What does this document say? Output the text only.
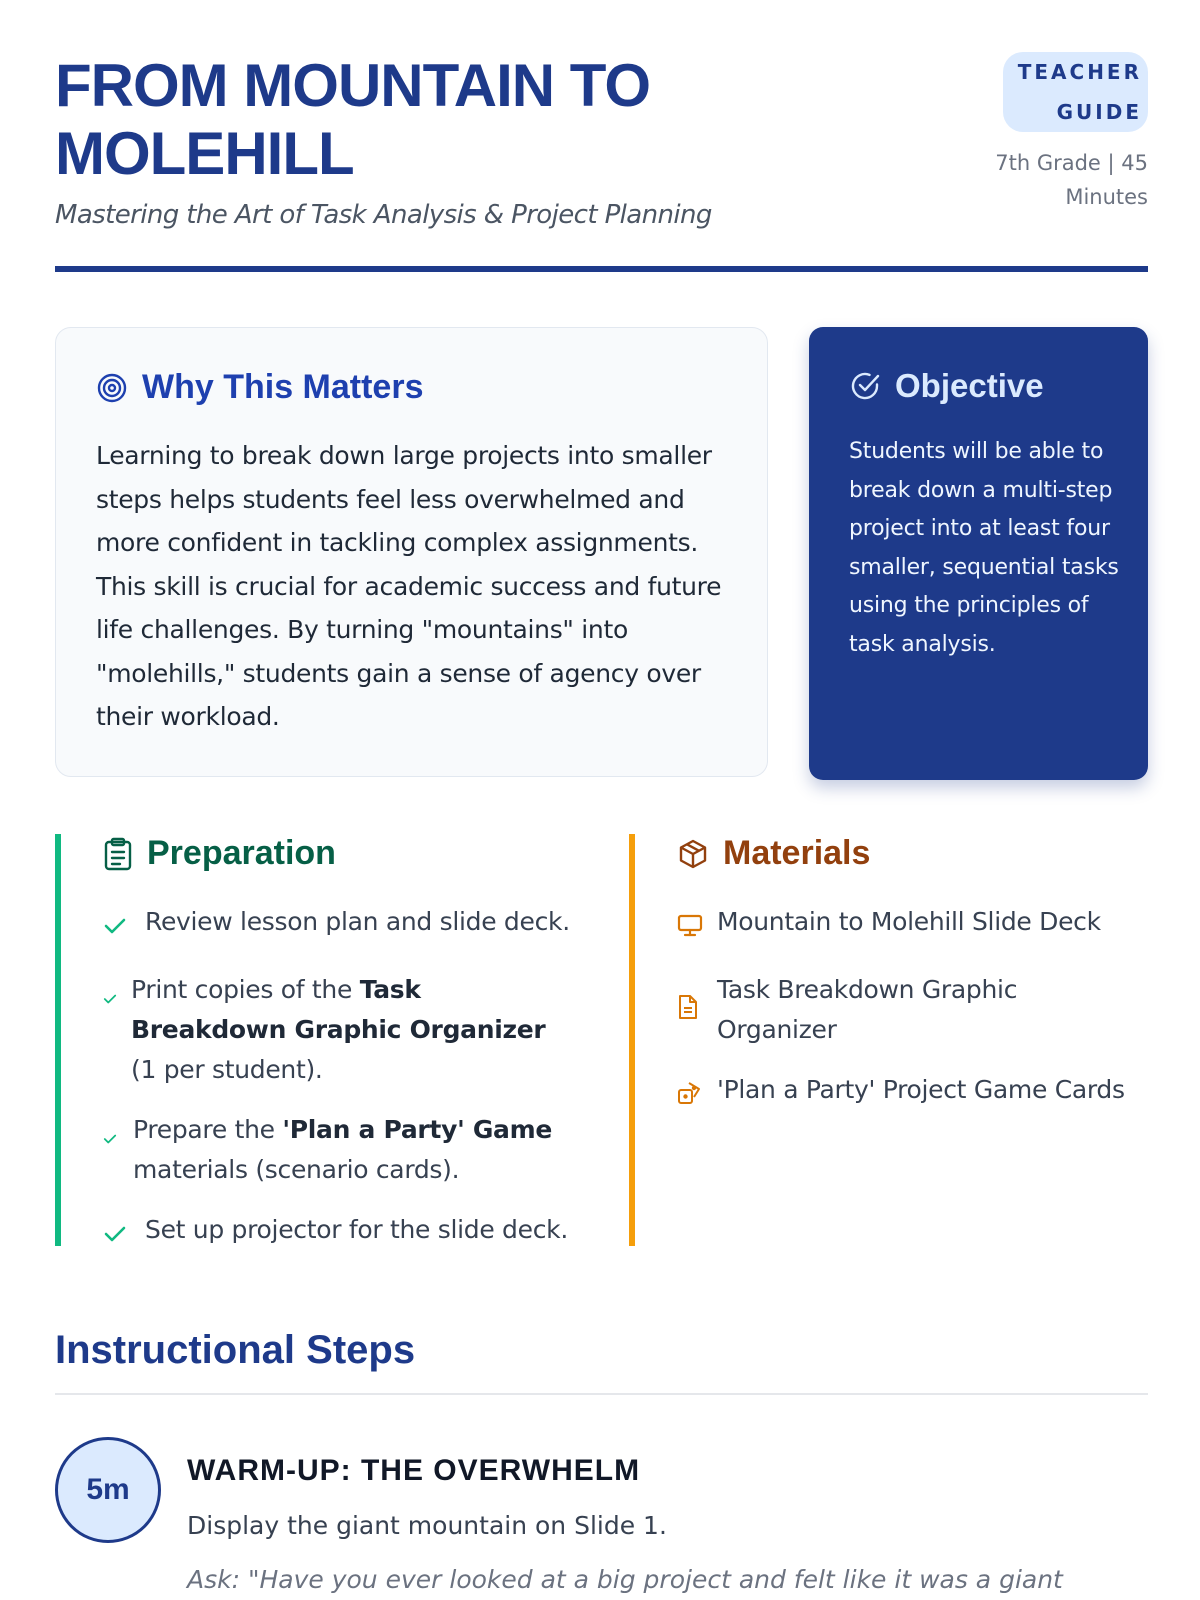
FROM MOUNTAIN TO MOLEHILL
Mastering the Art of Task Analysis & Project Planning
TEACHER GUIDE
7th Grade | 45 Minutes
Why This Matters

Learning to break down large projects into smaller steps helps students feel less overwhelmed and more confident in tackling complex assignments. This skill is crucial for academic success and future life challenges. By turning "mountains" into "molehills," students gain a sense of agency over their workload.

Objective

Students will be able to break down a multi-step project into at least four smaller, sequential tasks using the principles of task analysis.

Preparation
Review lesson plan and slide deck.
Print copies of the Task Breakdown Graphic Organizer (1 per student).
Prepare the 'Plan a Party' Game materials (scenario cards).
Set up projector for the slide deck.
Materials
Mountain to Molehill Slide Deck
Task Breakdown Graphic Organizer
'Plan a Party' Project Game Cards
Instructional Steps
5m
WARM-UP: THE OVERWHELM

Display the giant mountain on Slide 1.

Ask: "Have you ever looked at a big project and felt like it was a giant
